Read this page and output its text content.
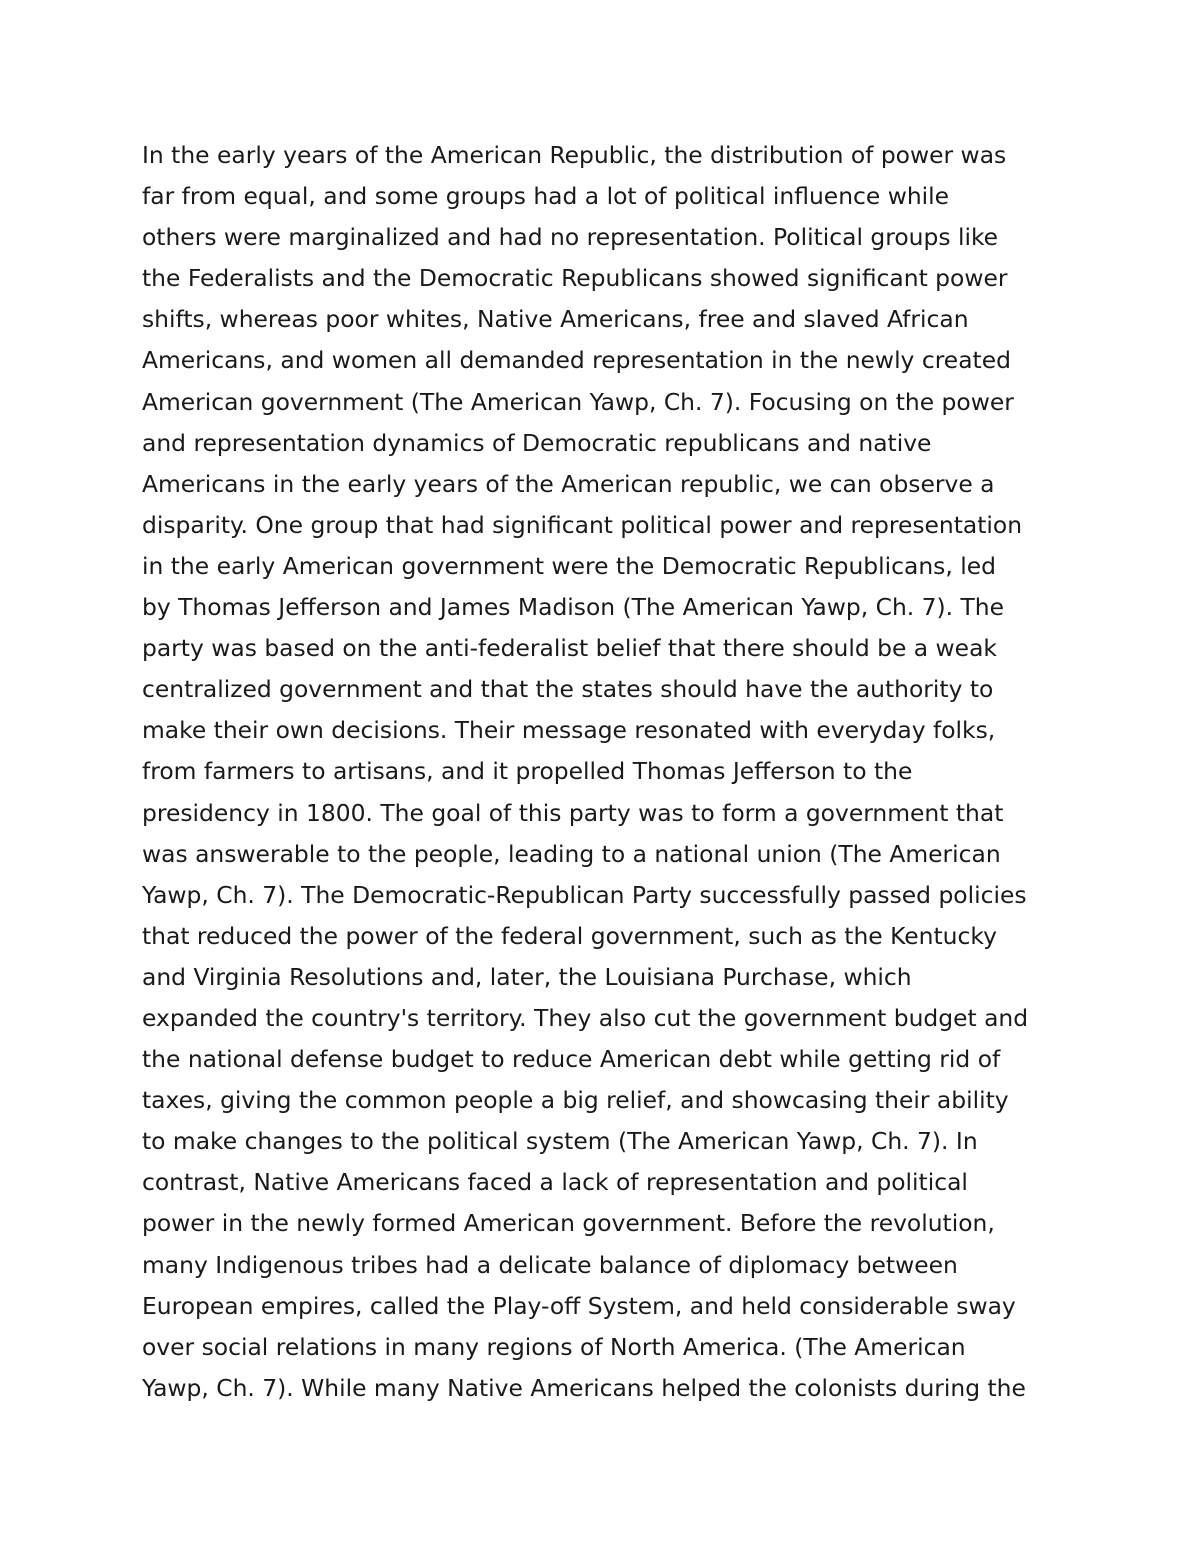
In the early years of the American Republic, the distribution of power was
far from equal, and some groups had a lot of political influence while
others were marginalized and had no representation. Political groups like
the Federalists and the Democratic Republicans showed significant power
shifts, whereas poor whites, Native Americans, free and slaved African
Americans, and women all demanded representation in the newly created
American government (The American Yawp, Ch. 7). Focusing on the power
and representation dynamics of Democratic republicans and native
Americans in the early years of the American republic, we can observe a
disparity. One group that had significant political power and representation
in the early American government were the Democratic Republicans, led
by Thomas Jefferson and James Madison (The American Yawp, Ch. 7). The
party was based on the anti-federalist belief that there should be a weak
centralized government and that the states should have the authority to
make their own decisions. Their message resonated with everyday folks,
from farmers to artisans, and it propelled Thomas Jefferson to the
presidency in 1800. The goal of this party was to form a government that
was answerable to the people, leading to a national union (The American
Yawp, Ch. 7). The Democratic-Republican Party successfully passed policies
that reduced the power of the federal government, such as the Kentucky
and Virginia Resolutions and, later, the Louisiana Purchase, which
expanded the country's territory. They also cut the government budget and
the national defense budget to reduce American debt while getting rid of
taxes, giving the common people a big relief, and showcasing their ability
to make changes to the political system (The American Yawp, Ch. 7). In
contrast, Native Americans faced a lack of representation and political
power in the newly formed American government. Before the revolution,
many Indigenous tribes had a delicate balance of diplomacy between
European empires, called the Play-off System, and held considerable sway
over social relations in many regions of North America. (The American
Yawp, Ch. 7). While many Native Americans helped the colonists during the
